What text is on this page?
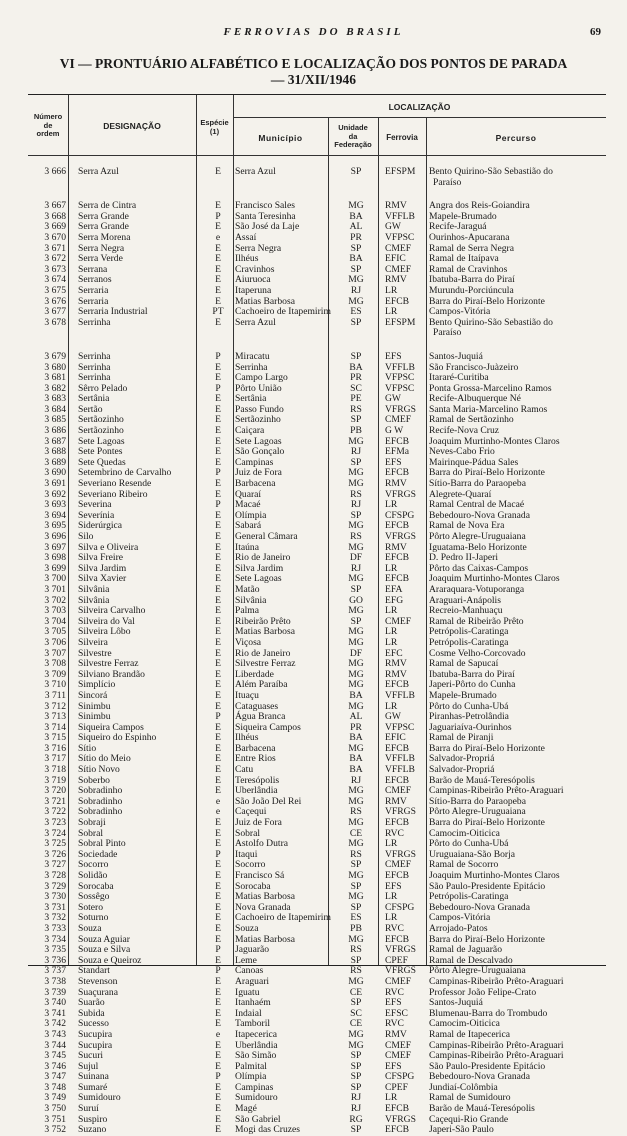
FERROVIAS DO BRASIL	69
VI — PRONTUÁRIO ALFABÉTICO E LOCALIZAÇÃO DOS PONTOS DE PARADA
— 31/XII/1946
Número
de
ordem
DESIGNAÇÃO	Espécie
(1)
LOCALIZAÇÃO
Município
Unidade
da
Federação
Ferrovia	Percurso
3 666 Serra Azul	E	Serra Azul	SP	EFSPM	Bento Quirino-São Sebastião do
Paraíso
3 667 Serra de Cintra	E	Francisco Sales	MG	RMV	Angra dos Reis-Goiandira
3 668 Serra Grande	P	Santa Teresinha	BA	VFFLB	Mapele-Brumado
3 669 Serra Grande	E	São José da Laje	AL	GW	Recife-Jaraguá
3 670 Serra Morena	e	Assaí	PR	VFPSC	Ourinhos-Apucarana
3 671 Serra Negra	E	Serra Negra	SP	CMEF	Ramal de Serra Negra
3 672 Serra Verde	E	Ilhéus	BA	EFIC	Ramal de Itaípava
3 673 Serrana	E	Cravinhos	SP	CMEF	Ramal de Cravinhos
3 674 Serranos	E	Aiuruoca	MG	RMV	Ibatuba-Barra do Piraí
3 675 Serraria	E	Itaperuna	RJ	LR	Murundu-Porciúncula
3 676 Serraria	E	Matias Barbosa	MG	EFCB	Barra do Piraí-Belo Horizonte
3 677 Serraria Industrial	PT	Cachoeiro de Itapemirim	ES	LR	Campos-Vitória
3 678 Serrinha	E	Serra Azul	SP	EFSPM	Bento Quirino-São Sebastião do
Paraíso
3 679 Serrinha	P	Miracatu	SP	EFS	Santos-Juquiá
3 680 Serrinha	E	Serrinha	BA	VFFLB	São Francisco-Juàzeiro
3 681 Serrinha	E	Campo Largo	PR	VFPSC	Itararé-Curitiba
3 682 Sêrro Pelado	P	Pôrto União	SC	VFPSC	Ponta Grossa-Marcelino Ramos
3 683 Sertânia	E	Sertânia	PE	GW	Recife-Albuquerque Né
3 684 Sertão	E	Passo Fundo	RS	VFRGS	Santa Maria-Marcelino Ramos
3 685 Sertãozinho	E	Sertãozinho	SP	CMEF	Ramal de Sertãozinho
3 686 Sertãozinho	E	Caiçara	PB	G W	Recife-Nova Cruz
3 687 Sete Lagoas	E	Sete Lagoas	MG	EFCB	Joaquim Murtinho-Montes Claros
3 688 Sete Pontes	E	São Gonçalo	RJ	EFMa	Neves-Cabo Frio
3 689 Sete Quedas	E	Campinas	SP	EFS	Mairinque-Pádua Sales
3 690 Setembrino de Carvalho	P	Juiz de Fora	MG	EFCB	Barra do Piraí-Belo Horizonte
3 691 Severiano Resende	E	Barbacena	MG	RMV	Sítio-Barra do Paraopeba
3 692 Severiano Ribeiro	E	Quaraí	RS	VFRGS	Alegrete-Quaraí
3 693 Severina	P	Macaé	RJ	LR	Ramal Central de Macaé
3 694 Severínia	E	Olímpia	SP	CFSPG	Bebedouro-Nova Granada
3 695 Siderúrgica	E	Sabará	MG	EFCB	Ramal de Nova Era
3 696 Silo	E	General Câmara	RS	VFRGS	Pôrto Alegre-Uruguaiana
3 697 Silva e Oliveira	E	Itaúna	MG	RMV	Iguatama-Belo Horizonte
3 698 Silva Freire	E	Rio de Janeiro	DF	EFCB	D. Pedro II-Japeri
3 699 Silva Jardim	E	Silva Jardim	RJ	LR	Pôrto das Caixas-Campos
3 700 Silva Xavier	E	Sete Lagoas	MG	EFCB	Joaquim Murtinho-Montes Claros
3 701 Silvânia	E	Matão	SP	EFA	Araraquara-Votuporanga
3 702 Silvânia	E	Silvânia	GO	EFG	Araguari-Anápolis
3 703 Silveira Carvalho	E	Palma	MG	LR	Recreio-Manhuaçu
3 704 Silveira do Val	E	Ribeirão Prêto	SP	CMEF	Ramal de Ribeirão Prêto
3 705 Silveira Lôbo	E	Matias Barbosa	MG	LR	Petrópolis-Caratinga
3 706 Silveira	E	Viçosa	MG	LR	Petrópolis-Caratinga
3 707 Silvestre	E	Rio de Janeiro	DF	EFC	Cosme Velho-Corcovado
3 708 Silvestre Ferraz	E	Silvestre Ferraz	MG	RMV	Ramal de Sapucaí
3 709 Silviano Brandão	E	Liberdade	MG	RMV	Ibatuba-Barra do Piraí
3 710 Simplício	E	Além Paraíba	MG	EFCB	Japeri-Pôrto do Cunha
3 711 Sincorá	E	Ituaçu	BA	VFFLB	Mapele-Brumado
3 712 Sinimbu	E	Cataguases	MG	LR	Pôrto do Cunha-Ubá
3 713 Sinimbu	P	Água Branca	AL	GW	Piranhas-Petrolândia
3 714 Siqueira Campos	E	Siqueira Campos	PR	VFPSC	Jaguariaíva-Ourinhos
3 715 Siqueiro do Espinho	E	Ilhéus	BA	EFIC	Ramal de Piranji
3 716 Sítio	E	Barbacena	MG	EFCB	Barra do Piraí-Belo Horizonte
3 717 Sítio do Meio	E	Entre Rios	BA	VFFLB	Salvador-Propriá
3 718 Sítio Novo	E	Catu	BA	VFFLB	Salvador-Propriá
3 719 Soberbo	E	Teresópolis	RJ	EFCB	Barão de Mauá-Teresópolis
3 720 Sobradinho	E	Uberlândia	MG	CMEF	Campinas-Ribeirão Prêto-Araguari
3 721 Sobradinho	e	São João Del Rei	MG	RMV	Sítio-Barra do Paraopeba
3 722 Sobradinho	e	Caçequi	RS	VFRGS	Pôrto Alegre-Uruguaiana
3 723 Sobraji	E	Juiz de Fora	MG	EFCB	Barra do Piraí-Belo Horizonte
3 724 Sobral	E	Sobral	CE	RVC	Camocim-Oiticica
3 725 Sobral Pinto	E	Astolfo Dutra	MG	LR	Pôrto do Cunha-Ubá
3 726 Sociedade	P	Itaqui	RS	VFRGS	Uruguaiana-São Borja
3 727 Socorro	E	Socorro	SP	CMEF	Ramal de Socorro
3 728 Solidão	E	Francisco Sá	MG	EFCB	Joaquim Murtinho-Montes Claros
3 729 Sorocaba	E	Sorocaba	SP	EFS	São Paulo-Presidente Epitácio
3 730 Sossêgo	E	Matias Barbosa	MG	LR	Petrópolis-Caratinga
3 731 Sotero	E	Nova Granada	SP	CFSPG	Bebedouro-Nova Granada
3 732 Soturno	E	Cachoeiro de Itapemirim	ES	LR	Campos-Vitória
3 733 Souza	E	Souza	PB	RVC	Arrojado-Patos
3 734 Souza Aguiar	E	Matias Barbosa	MG	EFCB	Barra do Piraí-Belo Horizonte
3 735 Souza e Silva	P	Jaguarão	RS	VFRGS	Ramal de Jaguarão
3 736 Souza e Queiroz	E	Leme	SP	CPEF	Ramal de Descalvado
3 737 Standart	P	Canoas	RS	VFRGS	Pôrto Alegre-Uruguaiana
3 738 Stevenson	E	Araguari	MG	CMEF	Campinas-Ribeirão Prêto-Araguari
3 739 Suaçurana	E	Iguatu	CE	RVC	Professor João Felipe-Crato
3 740 Suarão	E	Itanhaém	SP	EFS	Santos-Juquiá
3 741 Subida	E	Indaial	SC	EFSC	Blumenau-Barra do Trombudo
3 742 Sucesso	E	Tamboril	CE	RVC	Camocim-Oiticica
3 743 Sucupira	e	Itapecerica	MG	RMV	Ramal de Itapecerica
3 744 Sucupira	E	Uberlândia	MG	CMEF	Campinas-Ribeirão Prêto-Araguari
3 745 Sucuri	E	São Simão	SP	CMEF	Campinas-Ribeirão Prêto-Araguari
3 746 Sujul	E	Palmital	SP	EFS	São Paulo-Presidente Epitácio
3 747 Suinana	P	Olímpia	SP	CFSPG	Bebedouro-Nova Granada
3 748 Sumaré	E	Campinas	SP	CPEF	Jundiaí-Colômbia
3 749 Sumidouro	E	Sumidouro	RJ	LR	Ramal de Sumidouro
3 750 Suruí	E	Magé	RJ	EFCB	Barão de Mauá-Teresópolis
3 751 Suspiro	E	São Gabriel	RG	VFRGS	Caçequi-Rio Grande
3 752 Suzano	E	Mogi das Cruzes	SP	EFCB	Japeri-São Paulo
